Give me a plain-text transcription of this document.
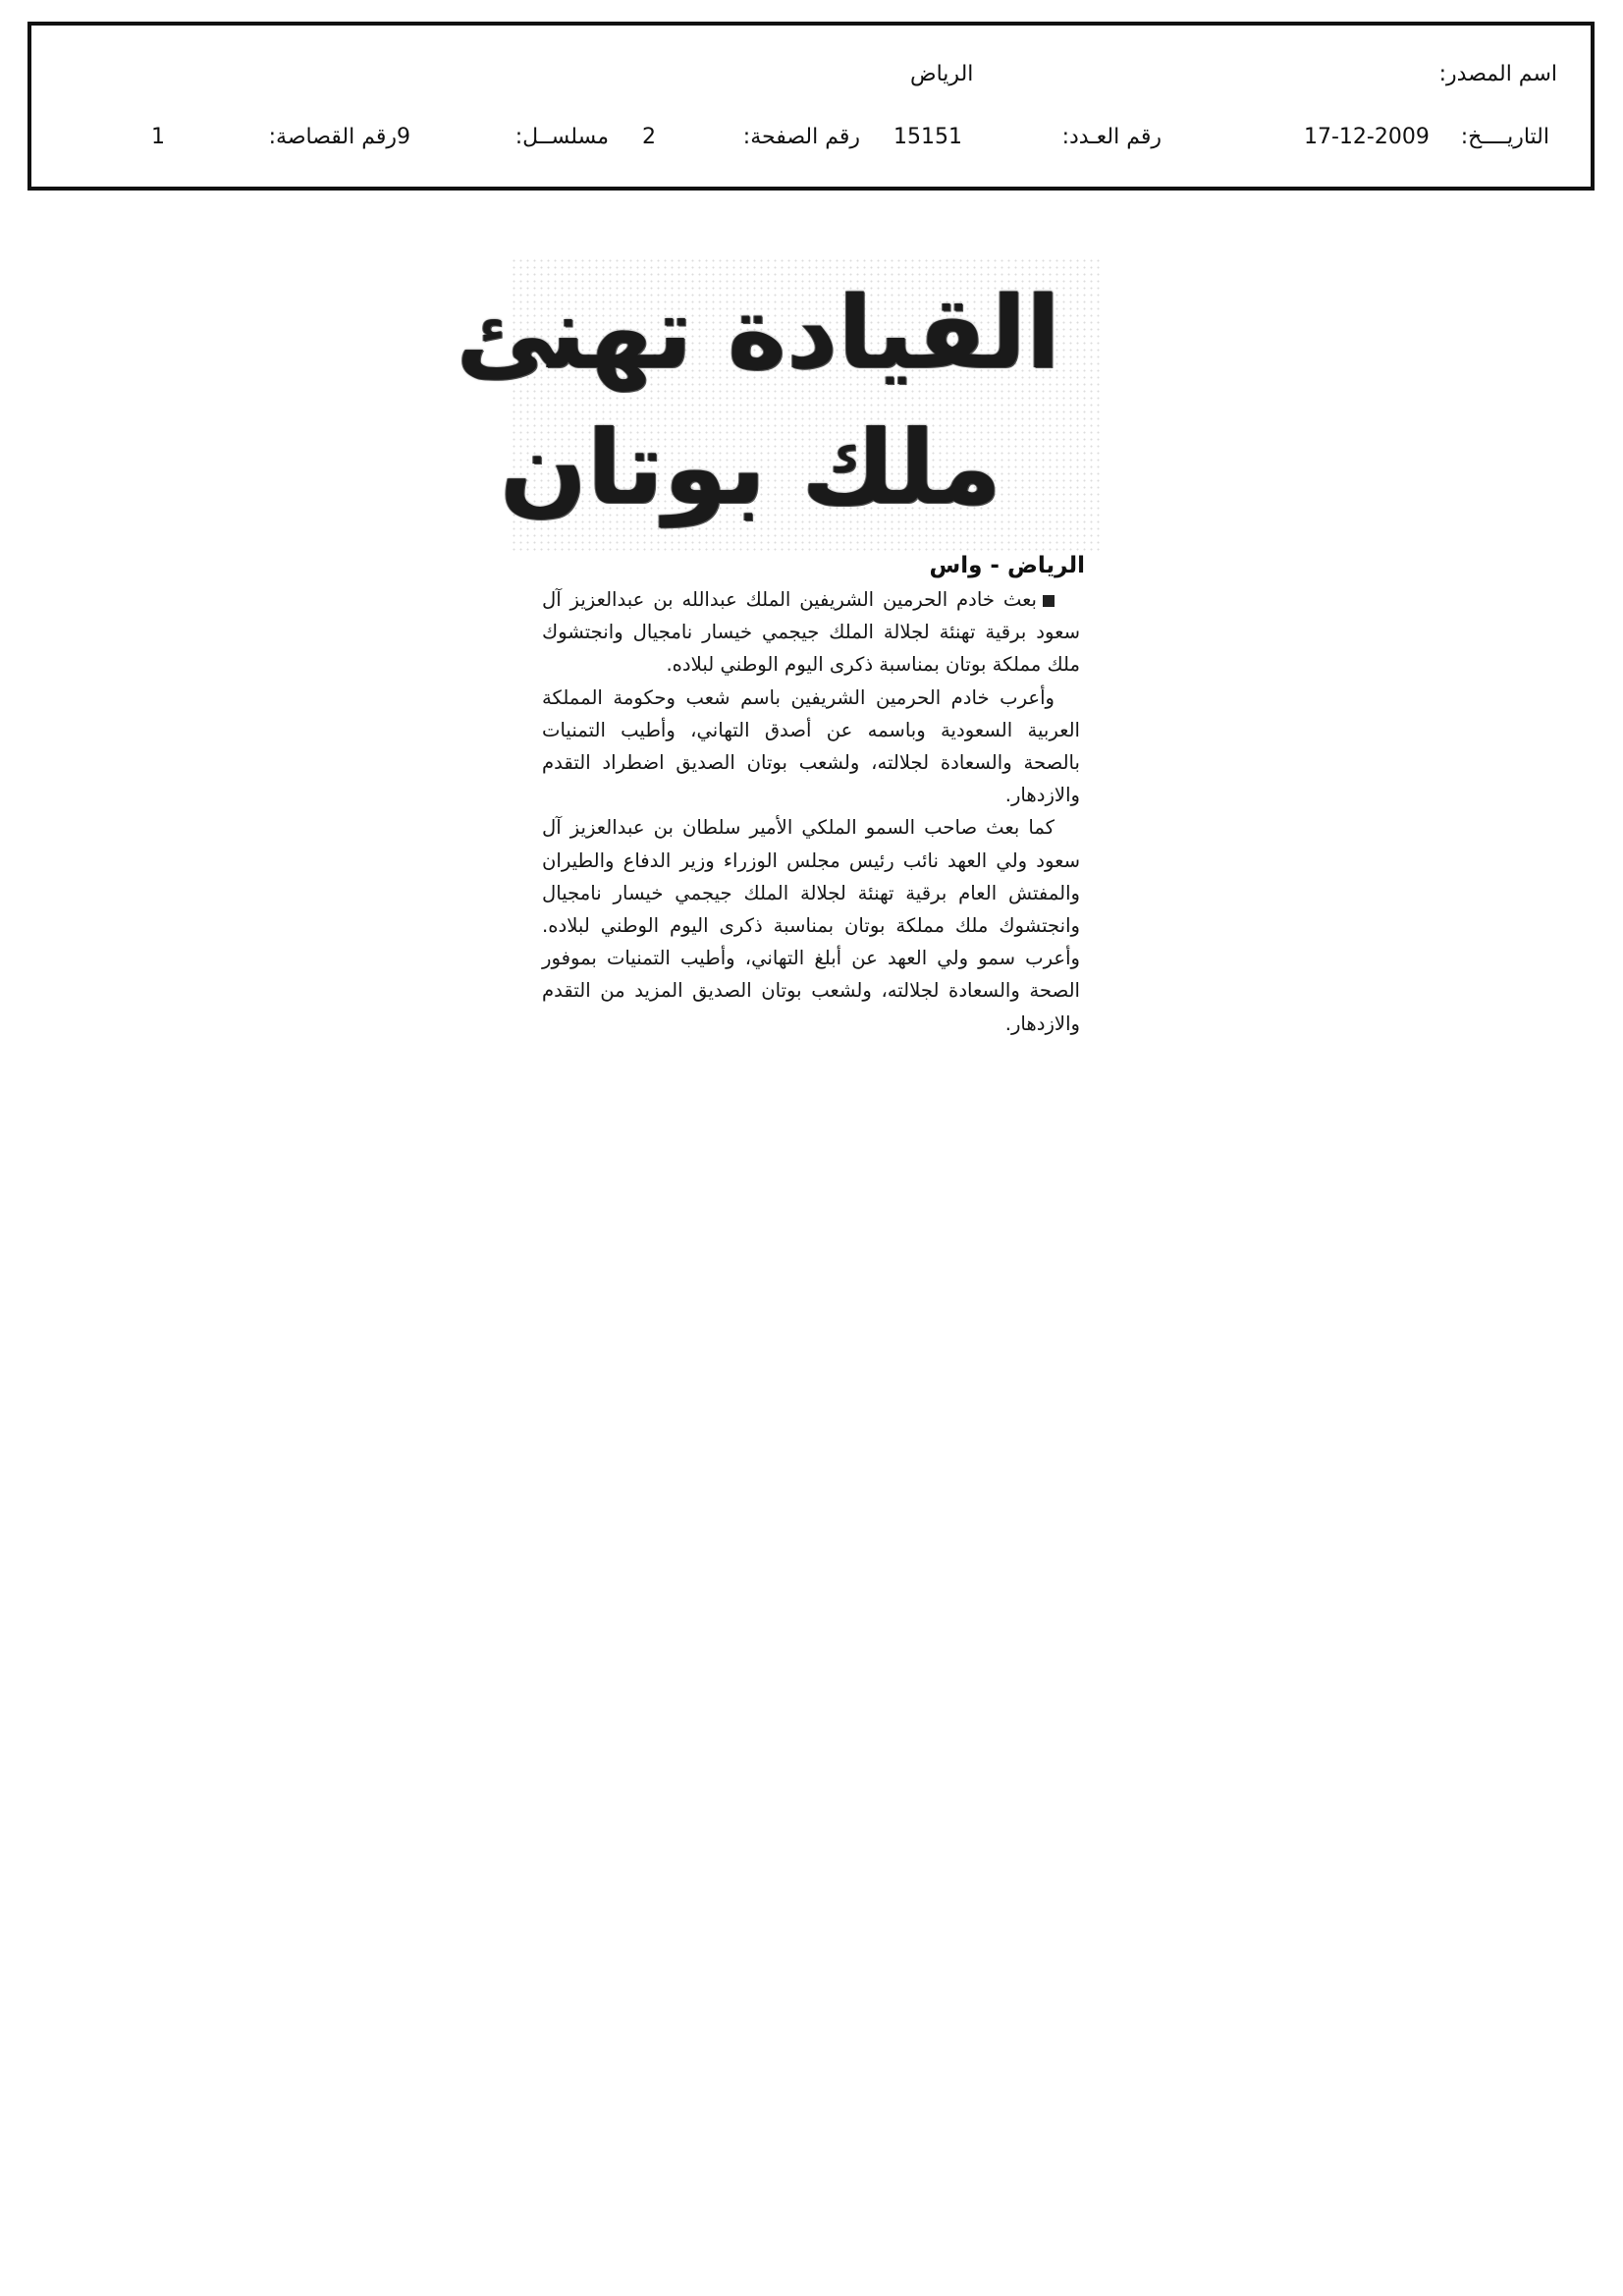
اسم المصدر:
الرياض
التاريــــخ:
17-12-2009
رقم العـدد:
15151
رقم الصفحة:
2
مسلســل:
9
رقم القصاصة:
1
القيادة تهنئ
ملك بوتان
الرياض - واس

بعث خادم الحرمين الشريفين الملك عبدالله بن عبدالعزيز آل سعود برقية تهنئة لجلالة الملك جيجمي خيسار نامجيال وانجتشوك ملك مملكة بوتان بمناسبة ذكرى اليوم الوطني لبلاده.

وأعرب خادم الحرمين الشريفين باسم شعب وحكومة المملكة العربية السعودية وباسمه عن أصدق التهاني، وأطيب التمنيات بالصحة والسعادة لجلالته، ولشعب بوتان الصديق اضطراد التقدم والازدهار.

كما بعث صاحب السمو الملكي الأمير سلطان بن عبدالعزيز آل سعود ولي العهد نائب رئيس مجلس الوزراء وزير الدفاع والطيران والمفتش العام برقية تهنئة لجلالة الملك جيجمي خيسار نامجيال وانجتشوك ملك مملكة بوتان بمناسبة ذكرى اليوم الوطني لبلاده. وأعرب سمو ولي العهد عن أبلغ التهاني، وأطيب التمنيات بموفور الصحة والسعادة لجلالته، ولشعب بوتان الصديق المزيد من التقدم والازدهار.
